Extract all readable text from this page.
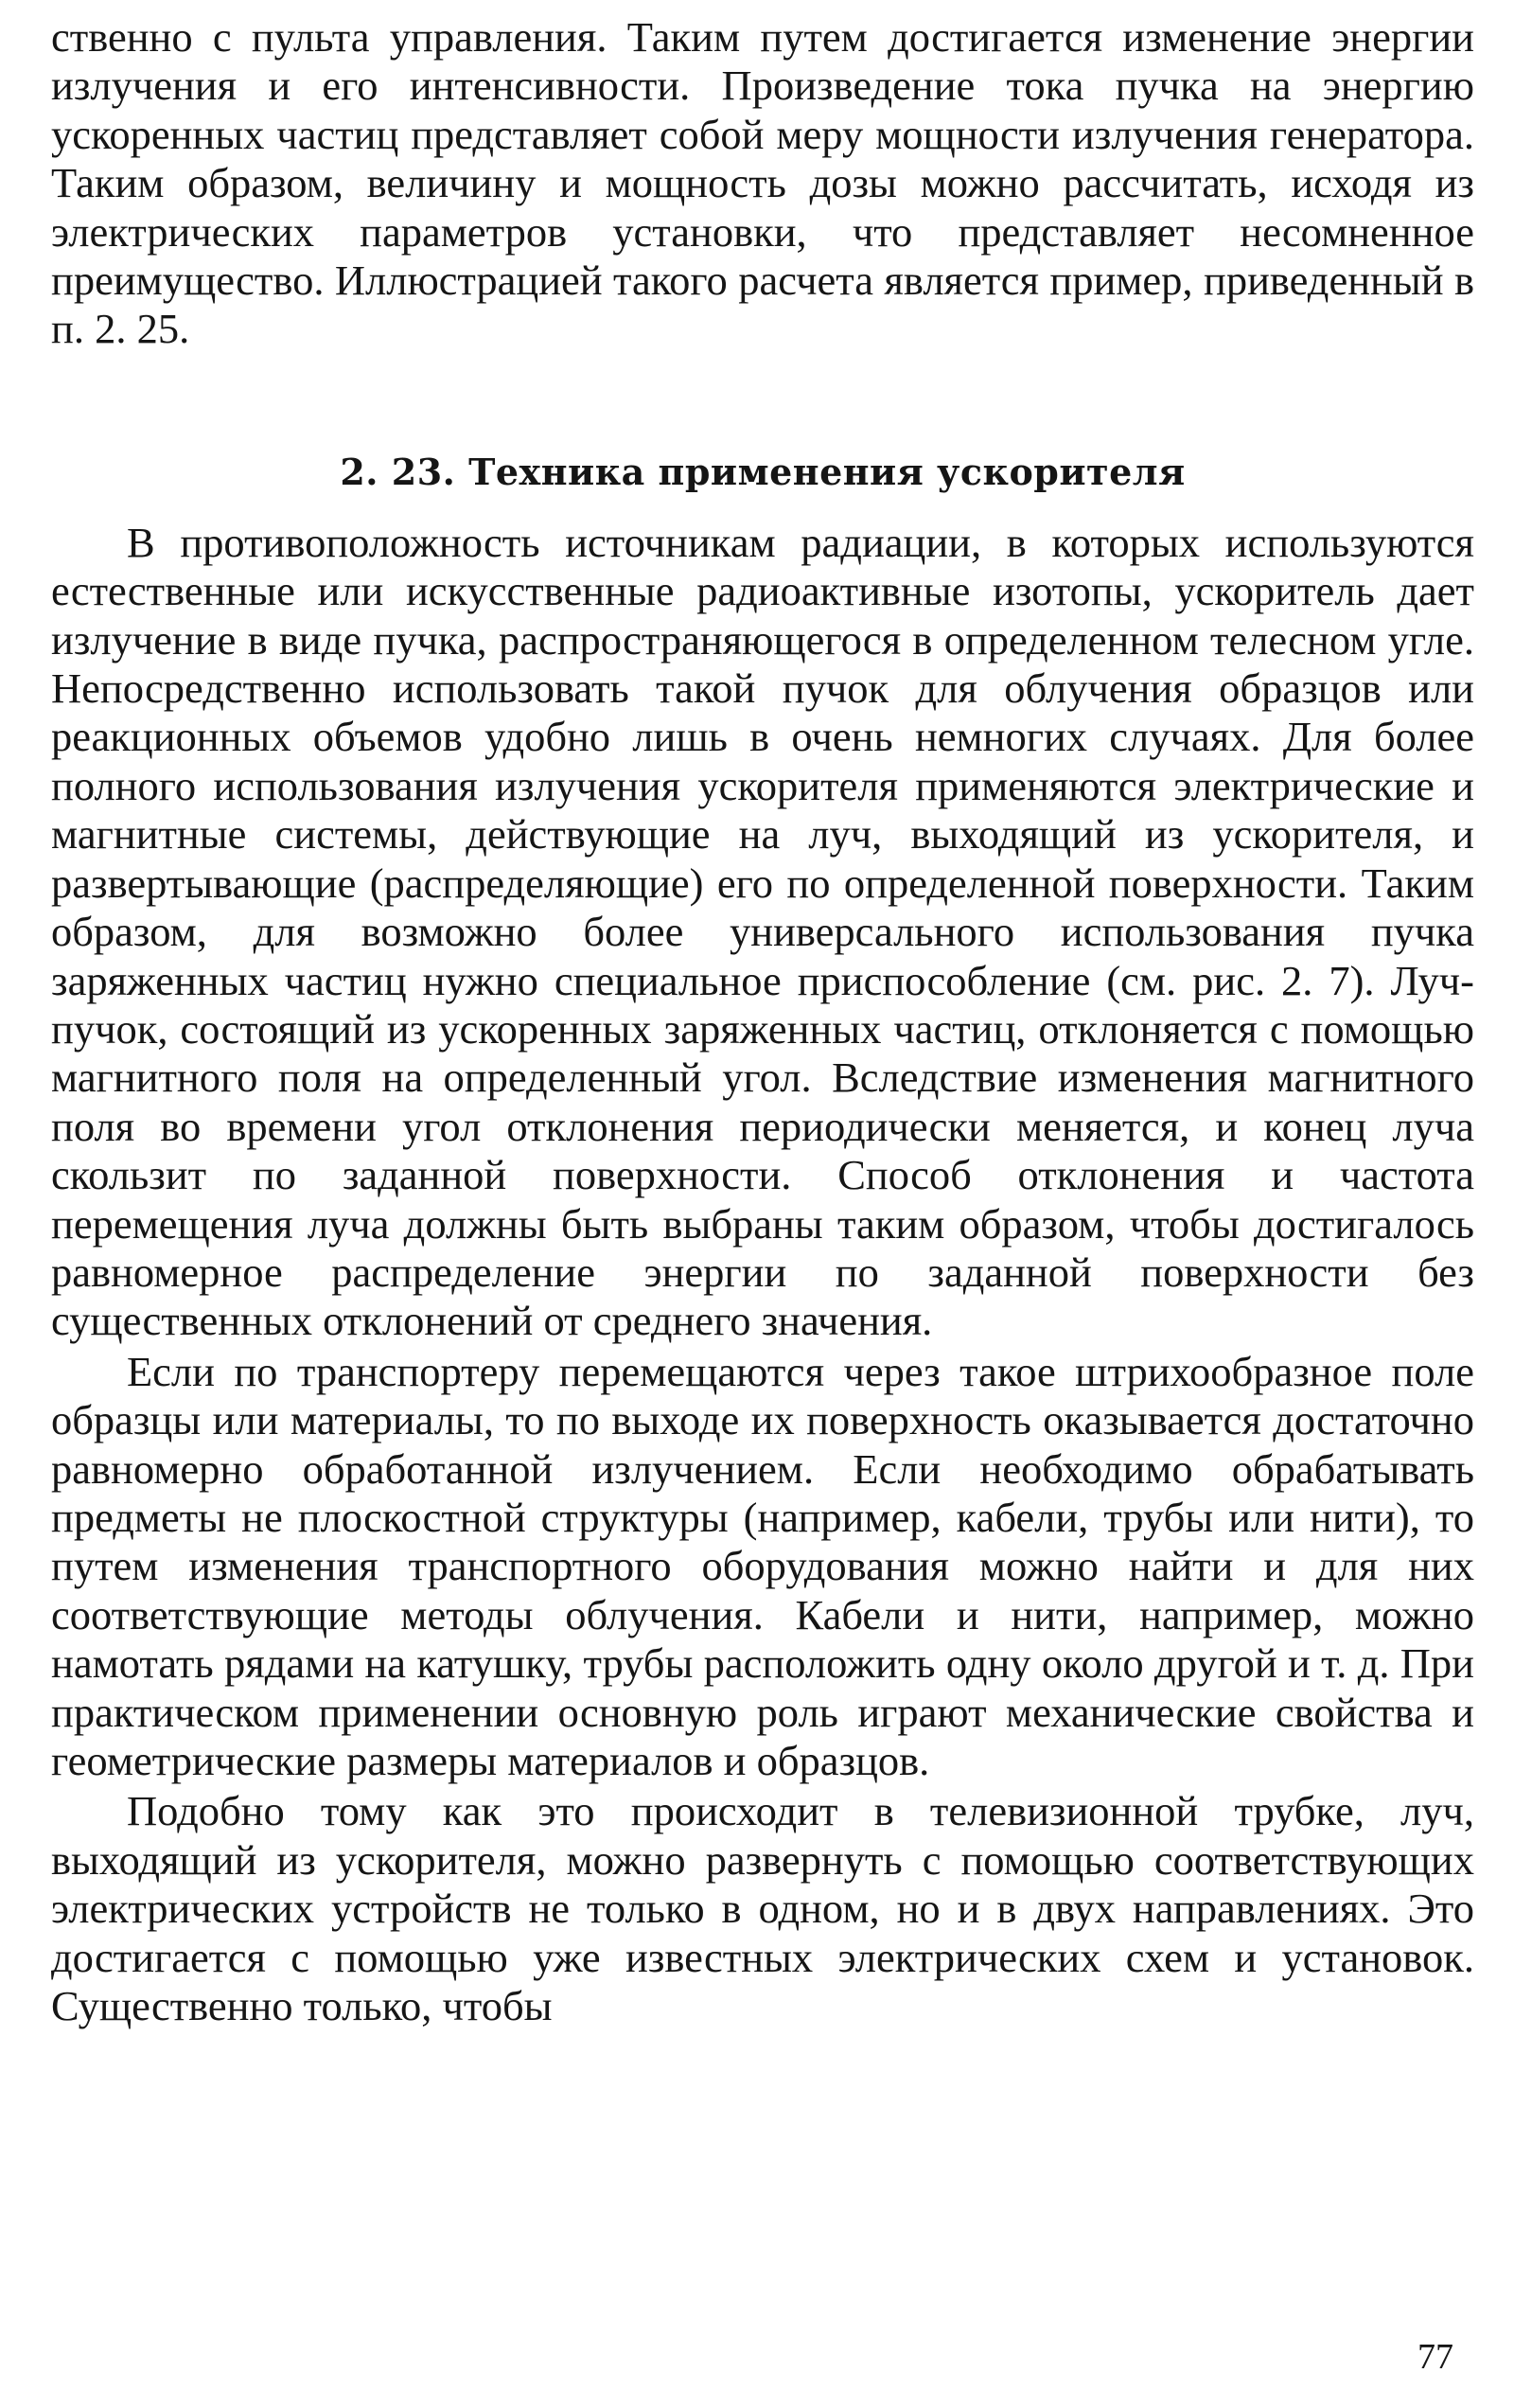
ственно с пульта управления. Таким путем достигается изменение энергии излучения и его интенсивности. Произведение тока пучка на энергию ускоренных частиц представляет собой меру мощности излучения генератора. Таким образом, величину и мощность дозы можно рассчитать, исходя из электрических параметров установки, что представляет несомненное преимущество. Иллюстрацией такого расчета является пример, приведенный в п. 2. 25.

2. 23. Техника применения ускорителя

В противоположность источникам радиации, в которых используются естественные или искусственные радиоактивные изотопы, ускоритель дает излучение в виде пучка, распространяющегося в определенном телесном угле. Непосредственно использовать такой пучок для облучения образцов или реакционных объемов удобно лишь в очень немногих случаях. Для более полного использования излучения ускорителя применяются электрические и магнитные системы, действующие на луч, выходящий из ускорителя, и развертывающие (распределяющие) его по определенной поверхности. Таким образом, для возможно более универсального использования пучка заряженных частиц нужно специальное приспособление (см. рис. 2. 7). Луч-пучок, состоящий из ускоренных заряженных частиц, отклоняется с помощью магнитного поля на определенный угол. Вследствие изменения магнитного поля во времени угол отклонения периодически меняется, и конец луча скользит по заданной поверхности. Способ отклонения и частота перемещения луча должны быть выбраны таким образом, чтобы достигалось равномерное распределение энергии по заданной поверхности без существенных отклонений от среднего значения.

Если по транспортеру перемещаются через такое штрихообразное поле образцы или материалы, то по выходе их поверхность оказывается достаточно равномерно обработанной излучением. Если необходимо обрабатывать предметы не плоскостной структуры (например, кабели, трубы или нити), то путем изменения транспортного оборудования можно найти и для них соответствующие методы облучения. Кабели и нити, например, можно намотать рядами на катушку, трубы расположить одну около другой и т. д. При практическом применении основную роль играют механические свойства и геометрические размеры материалов и образцов.

Подобно тому как это происходит в телевизионной трубке, луч, выходящий из ускорителя, можно развернуть с помощью соответствующих электрических устройств не только в одном, но и в двух направлениях. Это достигается с помощью уже известных электрических схем и установок. Существенно только, чтобы

77
